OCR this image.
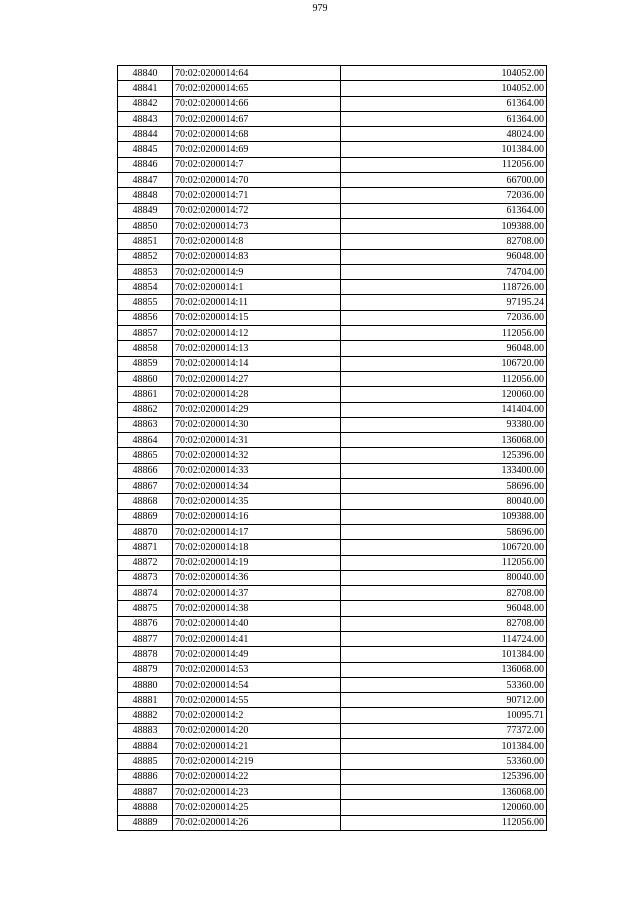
979
48840	70:02:0200014:64	104052.00
48841	70:02:0200014:65	104052.00
48842	70:02:0200014:66	61364.00
48843	70:02:0200014:67	61364.00
48844	70:02:0200014:68	48024.00
48845	70:02:0200014:69	101384.00
48846	70:02:0200014:7	112056.00
48847	70:02:0200014:70	66700.00
48848	70:02:0200014:71	72036.00
48849	70:02:0200014:72	61364.00
48850	70:02:0200014:73	109388.00
48851	70:02:0200014:8	82708.00
48852	70:02:0200014:83	96048.00
48853	70:02:0200014:9	74704.00
48854	70:02:0200014:1	118726.00
48855	70:02:0200014:11	97195.24
48856	70:02:0200014:15	72036.00
48857	70:02:0200014:12	112056.00
48858	70:02:0200014:13	96048.00
48859	70:02:0200014:14	106720.00
48860	70:02:0200014:27	112056.00
48861	70:02:0200014:28	120060.00
48862	70:02:0200014:29	141404.00
48863	70:02:0200014:30	93380.00
48864	70:02:0200014:31	136068.00
48865	70:02:0200014:32	125396.00
48866	70:02:0200014:33	133400.00
48867	70:02:0200014:34	58696.00
48868	70:02:0200014:35	80040.00
48869	70:02:0200014:16	109388.00
48870	70:02:0200014:17	58696.00
48871	70:02:0200014:18	106720.00
48872	70:02:0200014:19	112056.00
48873	70:02:0200014:36	80040.00
48874	70:02:0200014:37	82708.00
48875	70:02:0200014:38	96048.00
48876	70:02:0200014:40	82708.00
48877	70:02:0200014:41	114724.00
48878	70:02:0200014:49	101384.00
48879	70:02:0200014:53	136068.00
48880	70:02:0200014:54	53360.00
48881	70:02:0200014:55	90712.00
48882	70:02:0200014:2	10095.71
48883	70:02:0200014:20	77372.00
48884	70:02:0200014:21	101384.00
48885	70:02:0200014:219	53360.00
48886	70:02:0200014:22	125396.00
48887	70:02:0200014:23	136068.00
48888	70:02:0200014:25	120060.00
48889	70:02:0200014:26	112056.00
